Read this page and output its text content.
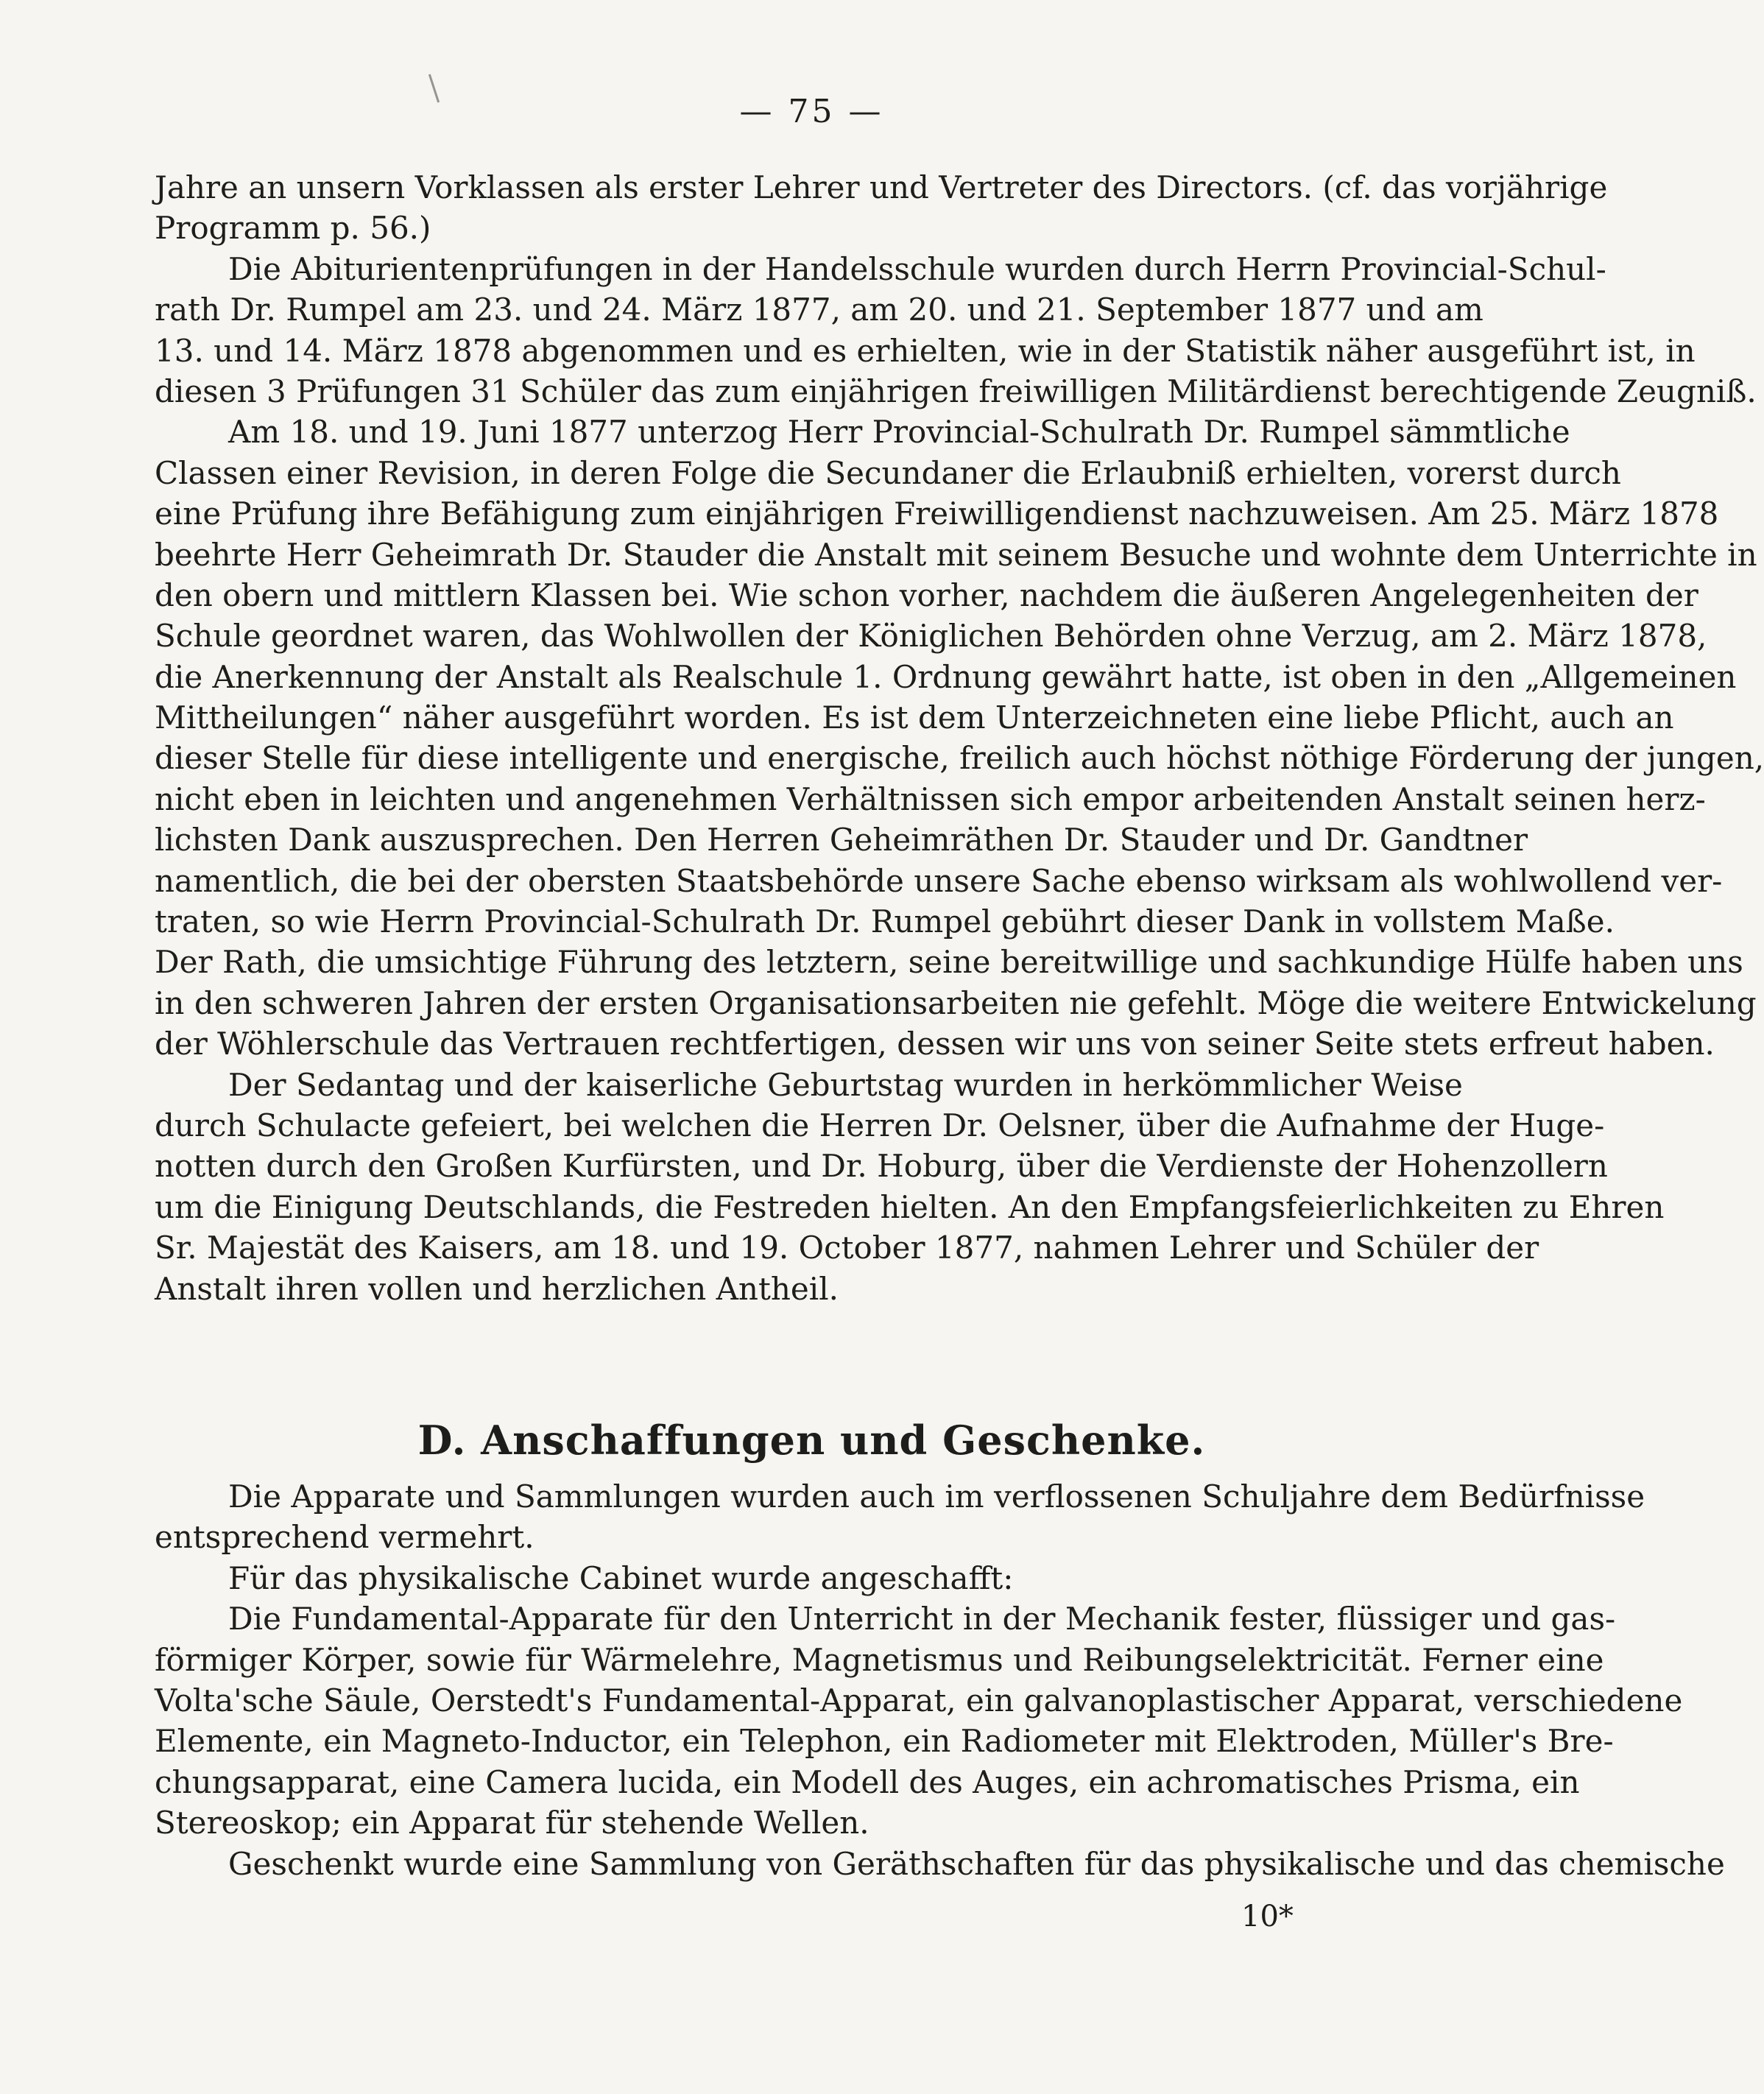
— 75 —
Jahre an unsern Vorklassen als erster Lehrer und Vertreter des Directors. (cf. das vorjährige
Programm p. 56.)
Die Abiturientenprüfungen in der Handelsschule wurden durch Herrn Provincial-Schul-
rath Dr. Rumpel am 23. und 24. März 1877, am 20. und 21. September 1877 und am
13. und 14. März 1878 abgenommen und es erhielten, wie in der Statistik näher ausgeführt ist, in
diesen 3 Prüfungen 31 Schüler das zum einjährigen freiwilligen Militärdienst berechtigende Zeugniß.
Am 18. und 19. Juni 1877 unterzog Herr Provincial-Schulrath Dr. Rumpel sämmtliche
Classen einer Revision, in deren Folge die Secundaner die Erlaubniß erhielten, vorerst durch
eine Prüfung ihre Befähigung zum einjährigen Freiwilligendienst nachzuweisen. Am 25. März 1878
beehrte Herr Geheimrath Dr. Stauder die Anstalt mit seinem Besuche und wohnte dem Unterrichte in
den obern und mittlern Klassen bei. Wie schon vorher, nachdem die äußeren Angelegenheiten der
Schule geordnet waren, das Wohlwollen der Königlichen Behörden ohne Verzug, am 2. März 1878,
die Anerkennung der Anstalt als Realschule 1. Ordnung gewährt hatte, ist oben in den „Allgemeinen
Mittheilungen“ näher ausgeführt worden. Es ist dem Unterzeichneten eine liebe Pflicht, auch an
dieser Stelle für diese intelligente und energische, freilich auch höchst nöthige Förderung der jungen,
nicht eben in leichten und angenehmen Verhältnissen sich empor arbeitenden Anstalt seinen herz-
lichsten Dank auszusprechen. Den Herren Geheimräthen Dr. Stauder und Dr. Gandtner
namentlich, die bei der obersten Staatsbehörde unsere Sache ebenso wirksam als wohlwollend ver-
traten, so wie Herrn Provincial-Schulrath Dr. Rumpel gebührt dieser Dank in vollstem Maße.
Der Rath, die umsichtige Führung des letztern, seine bereitwillige und sachkundige Hülfe haben uns
in den schweren Jahren der ersten Organisationsarbeiten nie gefehlt. Möge die weitere Entwickelung
der Wöhlerschule das Vertrauen rechtfertigen, dessen wir uns von seiner Seite stets erfreut haben.
Der Sedantag und der kaiserliche Geburtstag wurden in herkömmlicher Weise
durch Schulacte gefeiert, bei welchen die Herren Dr. Oelsner, über die Aufnahme der Huge-
notten durch den Großen Kurfürsten, und Dr. Hoburg, über die Verdienste der Hohenzollern
um die Einigung Deutschlands, die Festreden hielten. An den Empfangsfeierlichkeiten zu Ehren
Sr. Majestät des Kaisers, am 18. und 19. October 1877, nahmen Lehrer und Schüler der
Anstalt ihren vollen und herzlichen Antheil.
D. Anschaffungen und Geschenke.
Die Apparate und Sammlungen wurden auch im verflossenen Schuljahre dem Bedürfnisse
entsprechend vermehrt.
Für das physikalische Cabinet wurde angeschafft:
Die Fundamental-Apparate für den Unterricht in der Mechanik fester, flüssiger und gas-
förmiger Körper, sowie für Wärmelehre, Magnetismus und Reibungselektricität. Ferner eine
Volta'sche Säule, Oerstedt's Fundamental-Apparat, ein galvanoplastischer Apparat, verschiedene
Elemente, ein Magneto-Inductor, ein Telephon, ein Radiometer mit Elektroden, Müller's Bre-
chungsapparat, eine Camera lucida, ein Modell des Auges, ein achromatisches Prisma, ein
Stereoskop; ein Apparat für stehende Wellen.
Geschenkt wurde eine Sammlung von Geräthschaften für das physikalische und das chemische
10*
